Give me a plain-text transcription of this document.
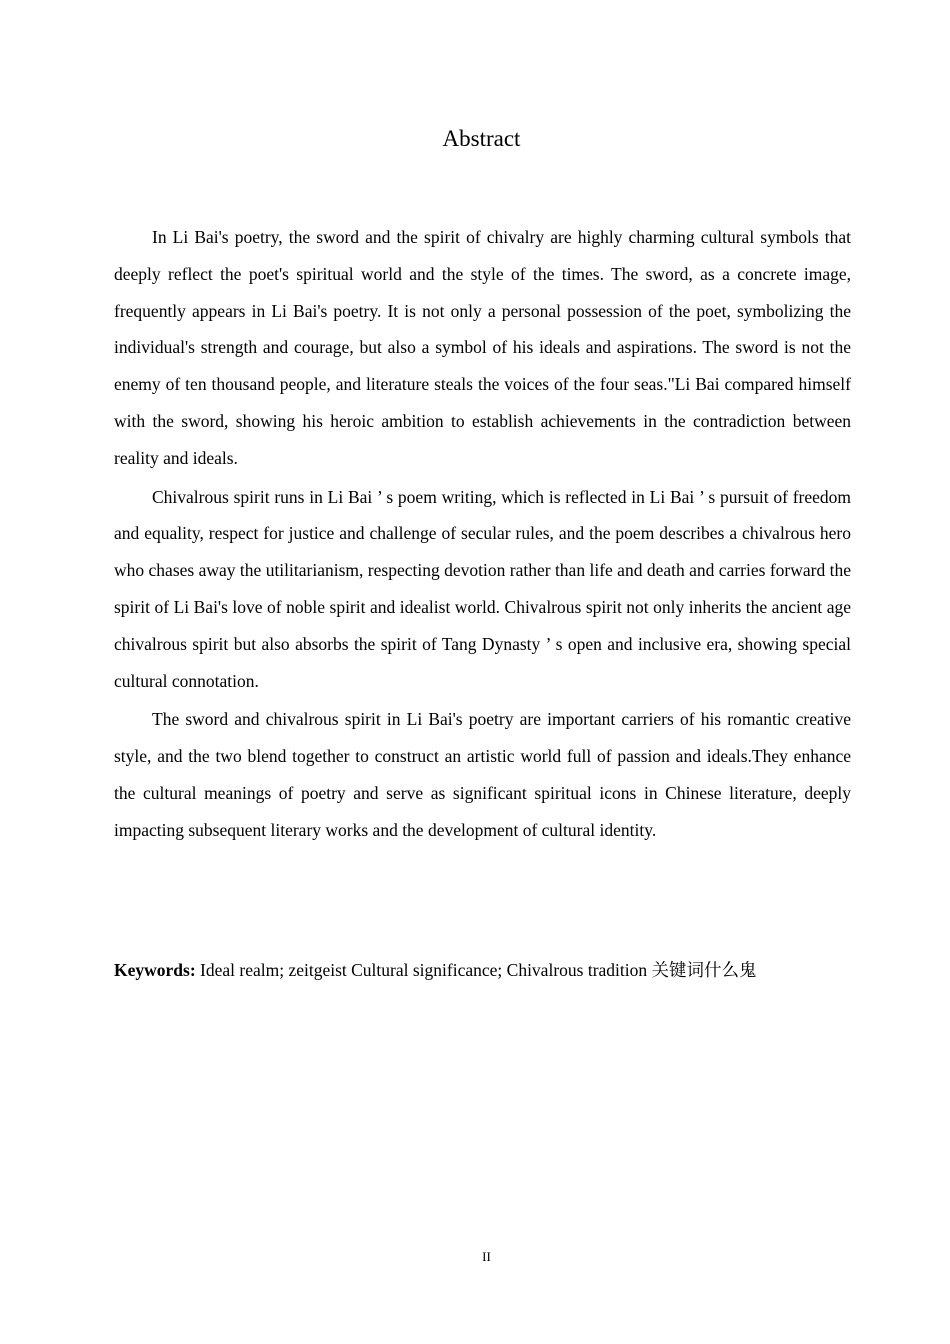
Abstract

In Li Bai's poetry, the sword and the spirit of chivalry are highly charming cultural symbols that deeply reflect the poet's spiritual world and the style of the times. The sword, as a concrete image, frequently appears in Li Bai's poetry. It is not only a personal possession of the poet, symbolizing the individual's strength and courage, but also a symbol of his ideals and aspirations. The sword is not the enemy of ten thousand people, and literature steals the voices of the four seas."Li Bai compared himself with the sword, showing his heroic ambition to establish achievements in the contradiction between reality and ideals.

Chivalrous spirit runs in Li Bai ’ s poem writing, which is reflected in Li Bai ’ s pursuit of freedom and equality, respect for justice and challenge of secular rules, and the poem describes a chivalrous hero who chases away the utilitarianism, respecting devotion rather than life and death and carries forward the spirit of Li Bai's love of noble spirit and idealist world. Chivalrous spirit not only inherits the ancient age chivalrous spirit but also absorbs the spirit of Tang Dynasty ’ s open and inclusive era, showing special cultural connotation.

The sword and chivalrous spirit in Li Bai's poetry are important carriers of his romantic creative style, and the two blend together to construct an artistic world full of passion and ideals.They enhance the cultural meanings of poetry and serve as significant spiritual icons in Chinese literature, deeply impacting subsequent literary works and the development of cultural identity.

Keywords: Ideal realm; zeitgeist Cultural significance; Chivalrous tradition 关键词什么鬼

II
